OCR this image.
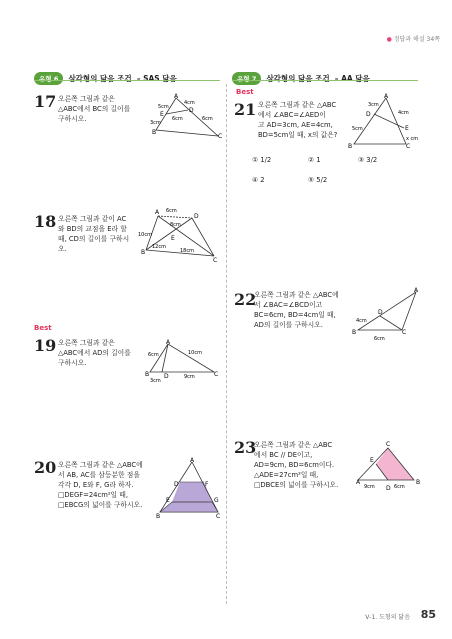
● 정답과 해설 34쪽
유형 6 삼각형의 닮음 조건 – SAS 닮음	유형 7 삼각형의 닮음 조건 – AA 닮음
17 오른쪽 그림과 같은
△ABC에서 BC의 길이를
구하시오.
A
B
C
D
E
5cm
4cm
3cm
6cm	6cm
18 오른쪽 그림과 같이 AC
와 BD의 교점을 E라 할
때, CD의 길이를 구하시
오.
A
B
C
D
E
6cm
8cm
10cm
12cm
18cm
Best
19 오른쪽 그림과 같은
△ABC에서 AD의 길이를
구하시오.
A
B	C
D
6cm	10cm
3cm
9cm
20 오른쪽 그림과 같은 △ABC에
서 AB, AC를 삼등분한 점을
각각 D, E와 F, G라 하자.
□DEGF=24cm²일 때,
□EBCG의 넓이를 구하시오.
A
B	C
D
E
F
G
Best
21 오른쪽 그림과 같은 △ABC
에서 ∠ABC=∠AED이
고 AD=3cm, AE=4cm,
BD=5cm일 때, x의 값은?
A
B	C
D
E
3cm
4cm
5cm
x cm
① 1/2	② 1	③ 3/2
④ 2	⑤ 5/2
22
오른쪽 그림과 같은 △ABC에
서 ∠BAC=∠BCD이고
BC=6cm, BD=4cm일 때,
AD의 길이를 구하시오.
A
B	C
D
4cm
6cm
23
오른쪽 그림과 같은 △ABC
에서 BC // DE이고,
AD=9cm, BD=6cm이다.
△ADE=27cm²일 때,
□DBCE의 넓이를 구하시오.	A	B
C
D
E
9cm	6cm
Ⅴ-1. 도형의 닮음 85
